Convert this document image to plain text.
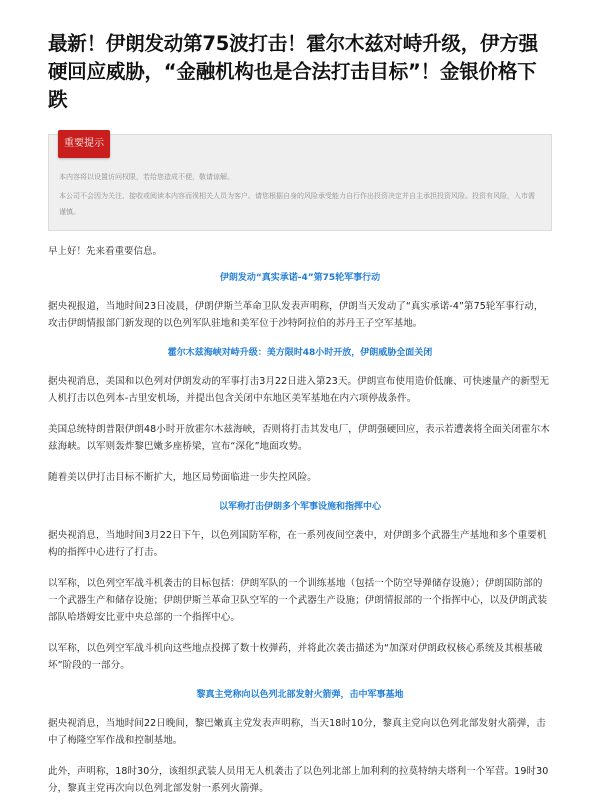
最新！伊朗发动第75波打击！霍尔木兹对峙升级，伊方强硬回应威胁，“金融机构也是合法打击目标”！金银价格下跌
重要提示

本内容将以设置访问权限，若给您造成不便，敬请谅解。

本公司不会因为关注、接收或阅读本内容而视相关人员为客户。请您根据自身的风险承受能力自行作出投资决定并自主承担投资风险。投资有风险，入市需谨慎。

早上好！先来看重要信息。

伊朗发动“真实承诺-4”第75轮军事行动

据央视报道，当地时间23日凌晨，伊朗伊斯兰革命卫队发表声明称，伊朗当天发动了“真实承诺-4”第75轮军事行动，攻击伊朗情报部门新发现的以色列军队驻地和美军位于沙特阿拉伯的苏丹王子空军基地。

霍尔木兹海峡对峙升级：美方限时48小时开放，伊朗威胁全面关闭

据央视消息，美国和以色列对伊朗发动的军事打击3月22日进入第23天。伊朗宣布使用造价低廉、可快速量产的新型无人机打击以色列本-古里安机场，并提出包含关闭中东地区美军基地在内六项停战条件。

美国总统特朗普限伊朗48小时开放霍尔木兹海峡，否则将打击其发电厂，伊朗强硬回应，表示若遭袭将全面关闭霍尔木兹海峡。以军则轰炸黎巴嫩多座桥梁，宣布“深化”地面攻势。

随着美以伊打击目标不断扩大，地区局势面临进一步失控风险。

以军称打击伊朗多个军事设施和指挥中心

据央视消息，当地时间3月22日下午，以色列国防军称，在一系列夜间空袭中，对伊朗多个武器生产基地和多个重要机构的指挥中心进行了打击。

以军称，以色列空军战斗机袭击的目标包括：伊朗军队的一个训练基地（包括一个防空导弹储存设施）；伊朗国防部的一个武器生产和储存设施；伊朗伊斯兰革命卫队空军的一个武器生产设施；伊朗情报部的一个指挥中心，以及伊朗武装部队哈塔姆安比亚中央总部的一个指挥中心。

以军称，以色列空军战斗机向这些地点投掷了数十枚弹药，并将此次袭击描述为“加深对伊朗政权核心系统及其根基破坏”阶段的一部分。

黎真主党称向以色列北部发射火箭弹，击中军事基地

据央视消息，当地时间22日晚间，黎巴嫩真主党发表声明称，当天18时10分，黎真主党向以色列北部发射火箭弹，击中了梅隆空军作战和控制基地。

此外，声明称，18时30分，该组织武装人员用无人机袭击了以色列北部上加利利的拉莫特纳夫塔利一个军营。19时30分，黎真主党再次向以色列北部发射一系列火箭弹。
